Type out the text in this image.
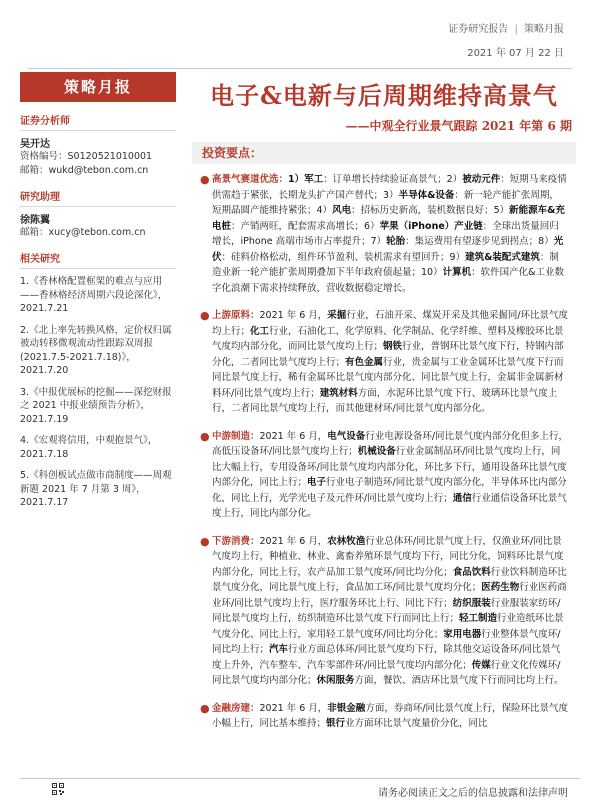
证券研究报告 | 策略月报
2021 年 07 月 22 日
策略月报
证券分析师
吴开达
资格编号：S0120521010001
邮箱：wukd@tebon.com.cn
研究助理
徐陈翼
邮箱：xucy@tebon.com.cn
相关研究
1.《香林格配置框架的难点与应用——香林格经济周期六段论深化》，
2021.7.21
2.《北上率先转换风格，定价权归属被动转移微观流动性跟踪双周报(2021.7.5-2021.7.18)》，
2021.7.20
3.《中报优展标的挖掘——深挖财报之 2021 中报业绩预告分析》，
2021.7.19
4.《宏观将信用，中观抱景气》，
2021.7.18
5.《科创板试点做市商制度——周观新题 2021 年 7 月第 3 周》，
2021.7.17
电子&电新与后周期维持高景气
——中观全行业景气跟踪 2021 年第 6 期
投资要点：
● 高景气赛道优选：1）军工：订单增长持续验证高景气；2）被动元件：短期马来疫情供需趋于紧张，长期龙头扩产国产替代；3）半导体&设备：新一轮产能扩张周期，短期晶圆产能维持紧张；4）风电：招标历史新高，装机数据良好；5）新能源车&充电桩：产销两旺，配套需求高增长；6）苹果（iPhone）产业链：全球出货量回归增长，iPhone 高端市场市占率提升；7）轮胎：集运费用有望逐步见到拐点；8）光伏：硅料价格松动，组件环节盈利、装机需求有望回升；9）建筑&装配式建筑：制造业新一轮产能扩张周期叠加下半年政府债起量；10）计算机：软件国产化&工业数字化浪潮下需求持续释放，营收数据稳定增长。
● 上游原料：2021 年 6 月，采掘行业，石油开采、煤炭开采及其他采掘同/环比景气度均上行；化工行业，石油化工、化学原料、化学制品、化学纤维、塑料及橡胶环比景气度均内部分化，而同比景气度均上行；钢铁行业，普钢环比景气度下行，特钢内部分化，二者同比景气度均上行；有色金属行业，贵金属与工业金属环比景气度下行而同比景气度上行，稀有金属环比景气度内部分化、同比景气度上行，金属非金属新材料环/同比景气度均上行；建筑材料方面，水泥环比景气度下行、玻璃环比景气度上行，二者同比景气度均上行，而其他建材环/同比景气度内部分化。
● 中游制造：2021 年 6 月，电气设备行业电源设备环/同比景气度内部分化但多上行，高低压设备环/同比景气度均上行；机械设备行业金属制品环/同比景气度均上行，同比大幅上行，专用设备环/同比景气度均内部分化，环比多下行，通用设备环比景气度内部分化，同比上行；电子行业电子制造环/同比景气度内部分化，半导体环比内部分化，同比上行，光学光电子及元件环/同比景气度均上行；通信行业通信设备环比景气度上行，同比内部分化。
● 下游消费：2021 年 6 月，农林牧渔行业总体环/同比景气度上行，仅渔业环/同比景气度均上行，种植业、林业、禽畜养殖环景气度均下行，同比分化，饲料环比景气度内部分化，同比上行，农产品加工景气度环/同比均分化；食品饮料行业饮料制造环比景气度分化，同比景气度上行，食品加工环/同比景气度均分化；医药生物行业医药商业环/同比景气度均上行，医疗服务环比上行、同比下行；纺织服装行业服装家纺环/同比景气度均上行，纺织制造环比景气度下行而同比上行；轻工制造行业造纸环比景气度分化、同比上行，家用轻工景气度环/同比均分化；家用电器行业整体景气度环/同比均上行；汽车行业方面总体环/同比景气度均下行，除其他交运设备环/同比景气度上升外，汽车整车、汽车零部件环/同比景气度均内部分化；传媒行业文化传媒环/同比景气度均内部分化；休闲服务方面，餐饮、酒店环比景气度下行而同比均上行。
● 金融房建：2021 年 6 月，非银金融方面，券商环/同比景气度上行，保险环比景气度小幅上行，同比基本维持；银行业方面环比景气度量价分化，同比
请务必阅读正文之后的信息披露和法律声明
